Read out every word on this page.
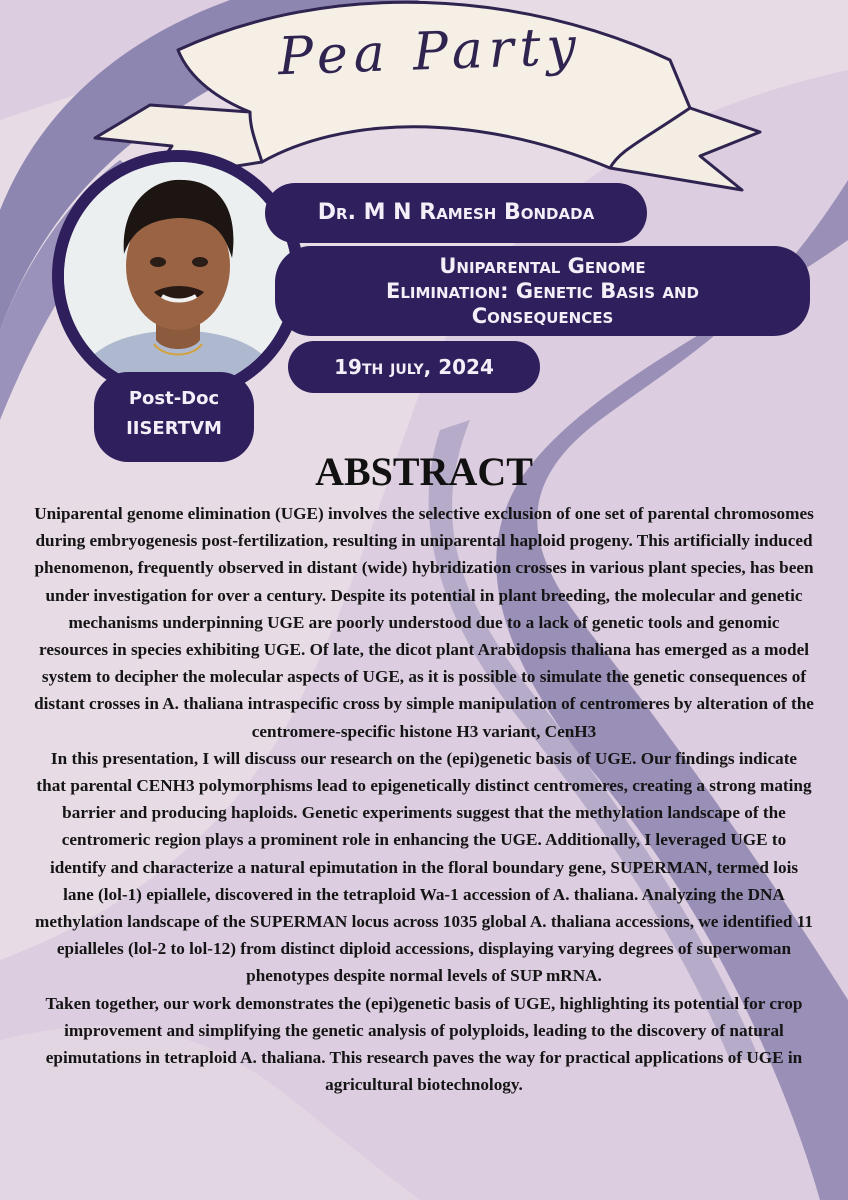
Pea Party
Dr. M N Ramesh Bondada
Uniparental Genome
Elimination: Genetic Basis and
Consequences
19th july, 2024
Post-Doc
IISERTVM
ABSTRACT

Uniparental genome elimination (UGE) involves the selective exclusion of one set of parental chromosomes during embryogenesis post-fertilization, resulting in uniparental haploid progeny. This artificially induced phenomenon, frequently observed in distant (wide) hybridization crosses in various plant species, has been under investigation for over a century. Despite its potential in plant breeding, the molecular and genetic mechanisms underpinning UGE are poorly understood due to a lack of genetic tools and genomic resources in species exhibiting UGE. Of late, the dicot plant Arabidopsis thaliana has emerged as a model system to decipher the molecular aspects of UGE, as it is possible to simulate the genetic consequences of distant crosses in A. thaliana intraspecific cross by simple manipulation of centromeres by alteration of the centromere-specific histone H3 variant, CenH3

In this presentation, I will discuss our research on the (epi)genetic basis of UGE. Our findings indicate that parental CENH3 polymorphisms lead to epigenetically distinct centromeres, creating a strong mating barrier and producing haploids. Genetic experiments suggest that the methylation landscape of the centromeric region plays a prominent role in enhancing the UGE. Additionally, I leveraged UGE to identify and characterize a natural epimutation in the floral boundary gene, SUPERMAN, termed lois lane (lol-1) epiallele, discovered in the tetraploid Wa-1 accession of A. thaliana. Analyzing the DNA methylation landscape of the SUPERMAN locus across 1035 global A. thaliana accessions, we identified 11 epialleles (lol-2 to lol-12) from distinct diploid accessions, displaying varying degrees of superwoman phenotypes despite normal levels of SUP mRNA.

Taken together, our work demonstrates the (epi)genetic basis of UGE, highlighting its potential for crop improvement and simplifying the genetic analysis of polyploids, leading to the discovery of natural epimutations in tetraploid A. thaliana. This research paves the way for practical applications of UGE in agricultural biotechnology.
